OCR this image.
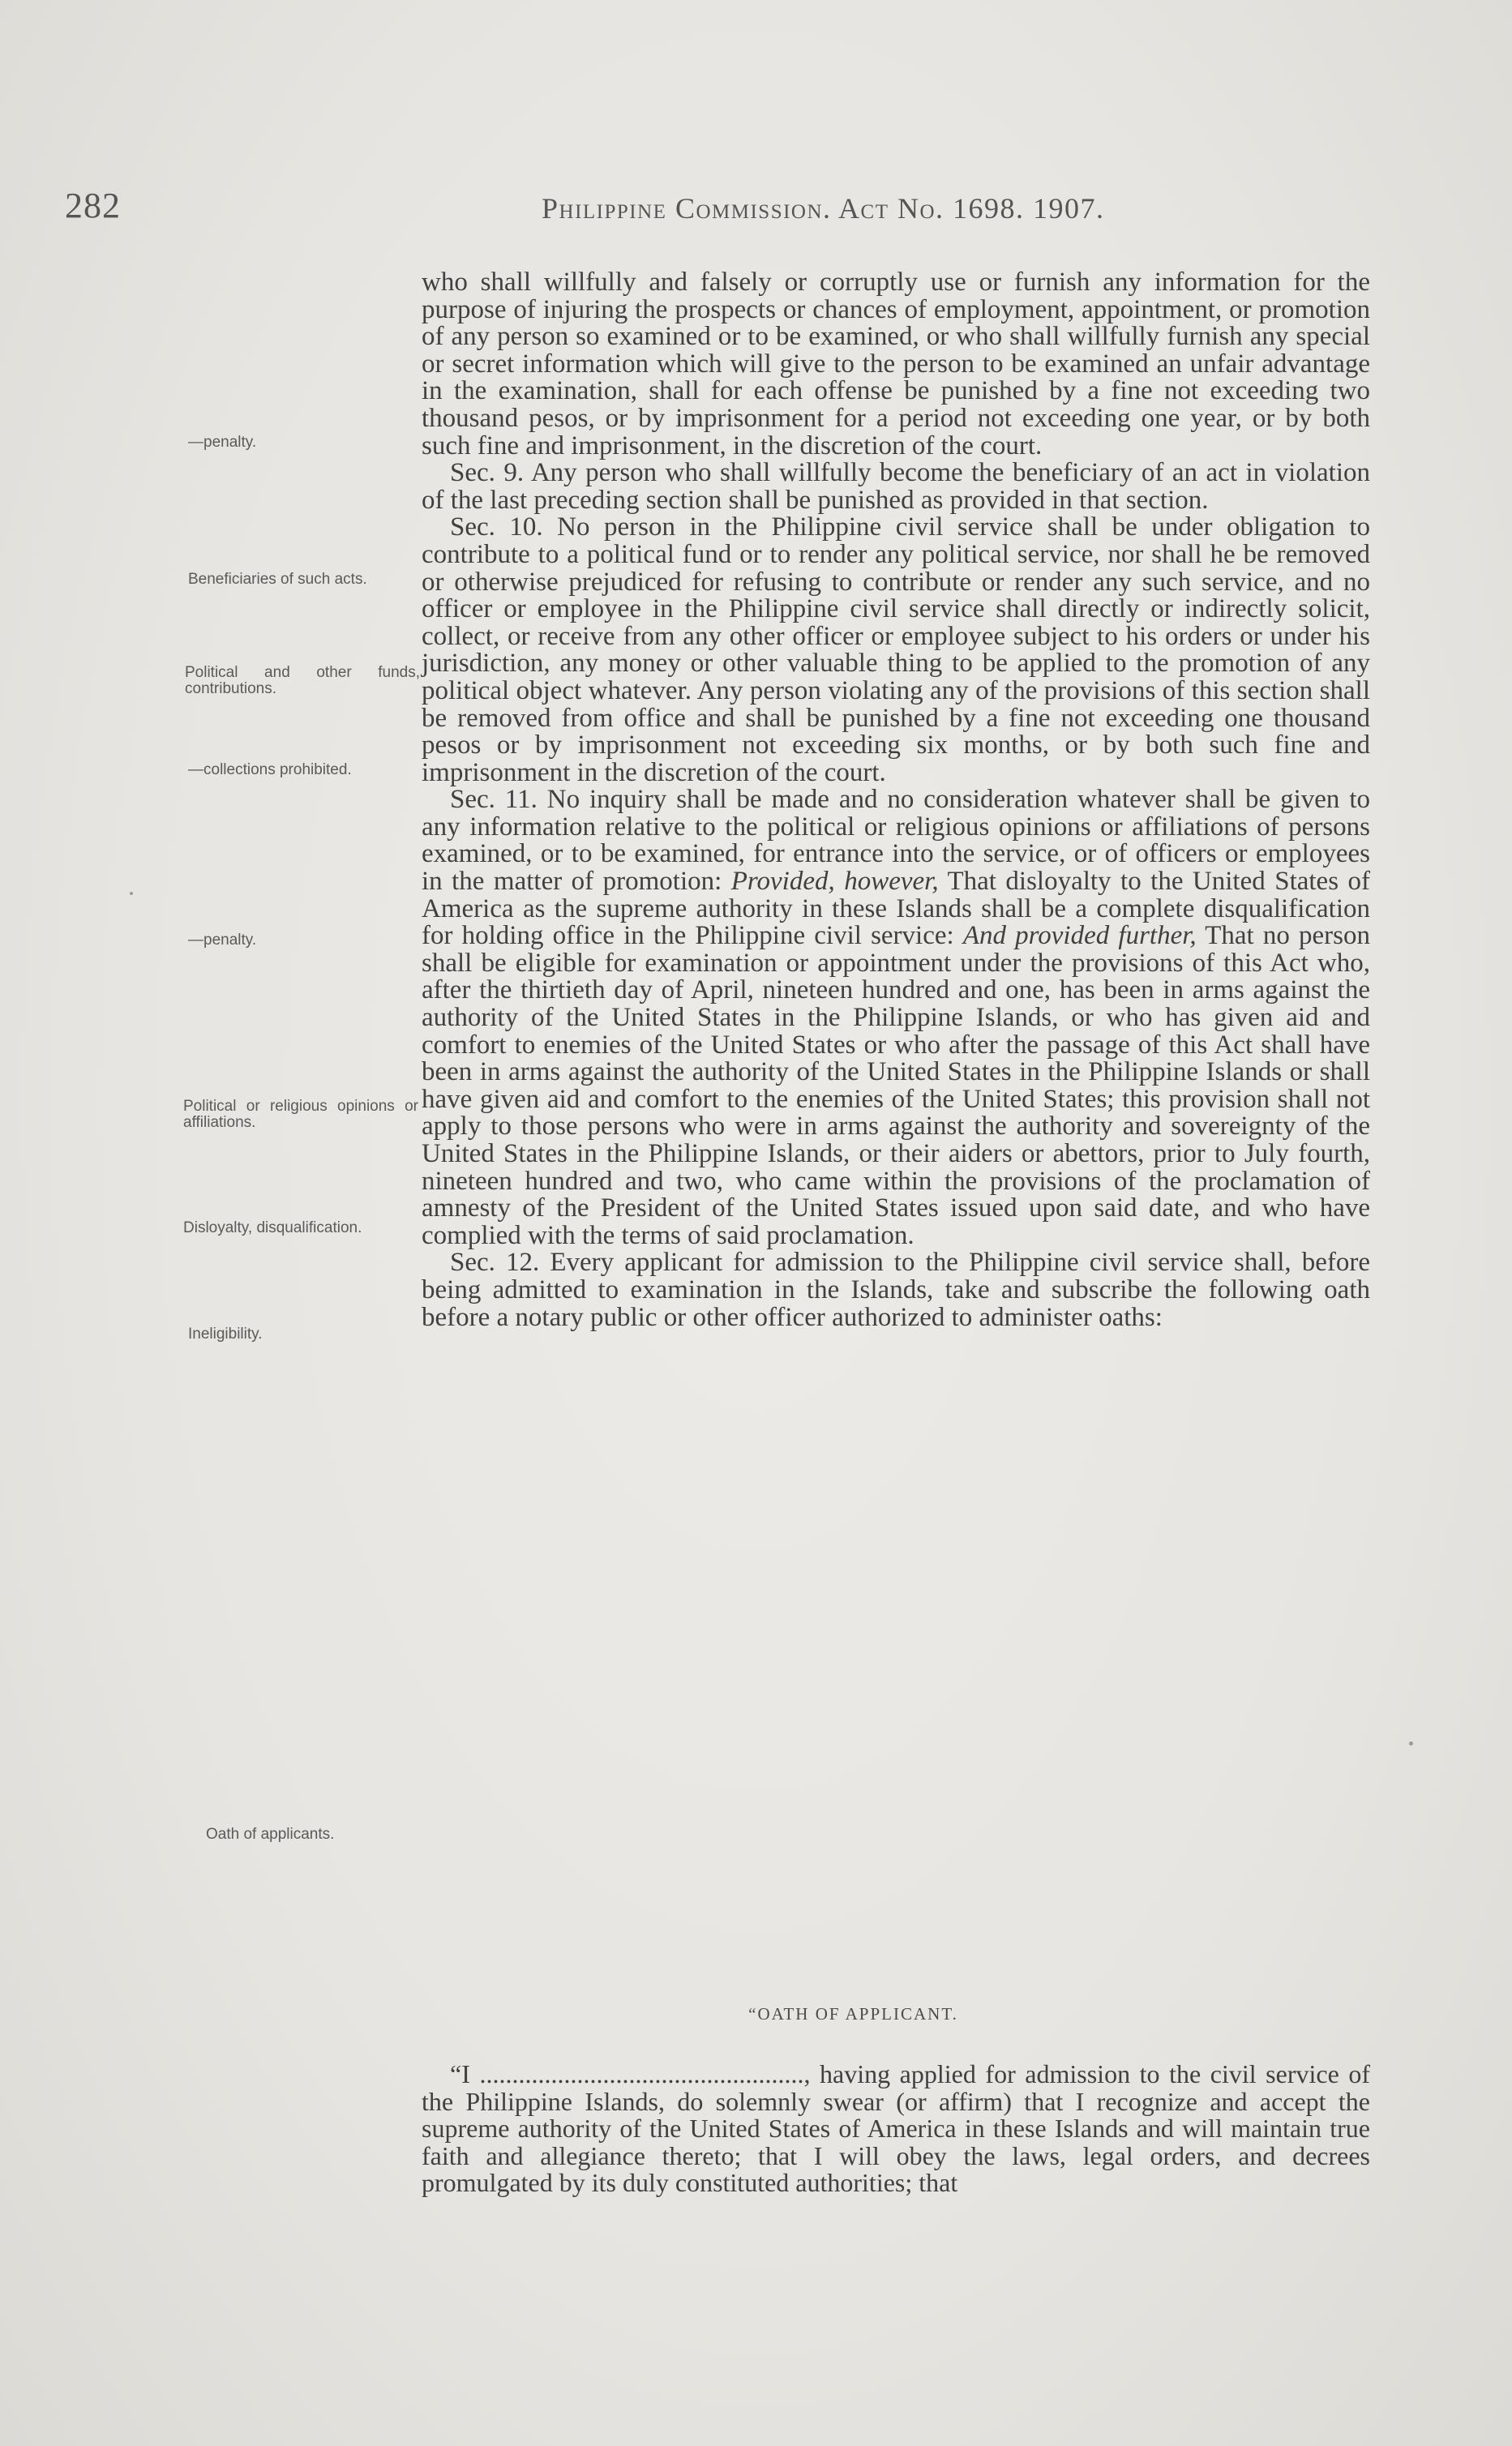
282	Philippine Commission. Act No. 1698. 1907.
—penalty.
Beneficiaries of such acts.
Political and other funds, contributions.
—collections prohibited.
—penalty.
Political or religious opinions or affiliations.
Disloyalty, disqualification.
Ineligibility.
Oath of applicants.

who shall willfully and falsely or corruptly use or furnish any information for the purpose of injuring the prospects or chances of employment, appointment, or promotion of any person so examined or to be examined, or who shall willfully furnish any special or secret information which will give to the person to be examined an unfair advantage in the examination, shall for each offense be punished by a fine not exceeding two thousand pesos, or by imprisonment for a period not exceeding one year, or by both such fine and imprisonment, in the discretion of the court.

Sec. 9. Any person who shall willfully become the beneficiary of an act in violation of the last preceding section shall be punished as provided in that section.

Sec. 10. No person in the Philippine civil service shall be under obligation to contribute to a political fund or to render any political service, nor shall he be removed or otherwise prejudiced for refusing to contribute or render any such service, and no officer or employee in the Philippine civil service shall directly or indirectly solicit, collect, or receive from any other officer or employee subject to his orders or under his jurisdiction, any money or other valuable thing to be applied to the promotion of any political object whatever. Any person violating any of the provisions of this section shall be removed from office and shall be punished by a fine not exceeding one thousand pesos or by imprisonment not exceeding six months, or by both such fine and imprisonment in the discretion of the court.

Sec. 11. No inquiry shall be made and no consideration whatever shall be given to any information relative to the political or religious opinions or affiliations of persons examined, or to be examined, for entrance into the service, or of officers or employees in the matter of promotion: Provided, however, That disloyalty to the United States of America as the supreme authority in these Islands shall be a complete disqualification for holding office in the Philippine civil service: And provided further, That no person shall be eligible for examination or appointment under the provisions of this Act who, after the thirtieth day of April, nineteen hundred and one, has been in arms against the authority of the United States in the Philippine Islands, or who has given aid and comfort to enemies of the United States or who after the passage of this Act shall have been in arms against the authority of the United States in the Philippine Islands or shall have given aid and comfort to the enemies of the United States; this provision shall not apply to those persons who were in arms against the authority and sovereignty of the United States in the Philippine Islands, or their aiders or abettors, prior to July fourth, nineteen hundred and two, who came within the provisions of the proclamation of amnesty of the President of the United States issued upon said date, and who have complied with the terms of said proclamation.

Sec. 12. Every applicant for admission to the Philippine civil service shall, before being admitted to examination in the Islands, take and subscribe the following oath before a notary public or other officer authorized to administer oaths:

“OATH OF APPLICANT.

“I .................................................., having applied for admission to the civil service of the Philippine Islands, do solemnly swear (or affirm) that I recognize and accept the supreme authority of the United States of America in these Islands and will maintain true faith and allegiance thereto; that I will obey the laws, legal orders, and decrees promulgated by its duly constituted authorities; that
